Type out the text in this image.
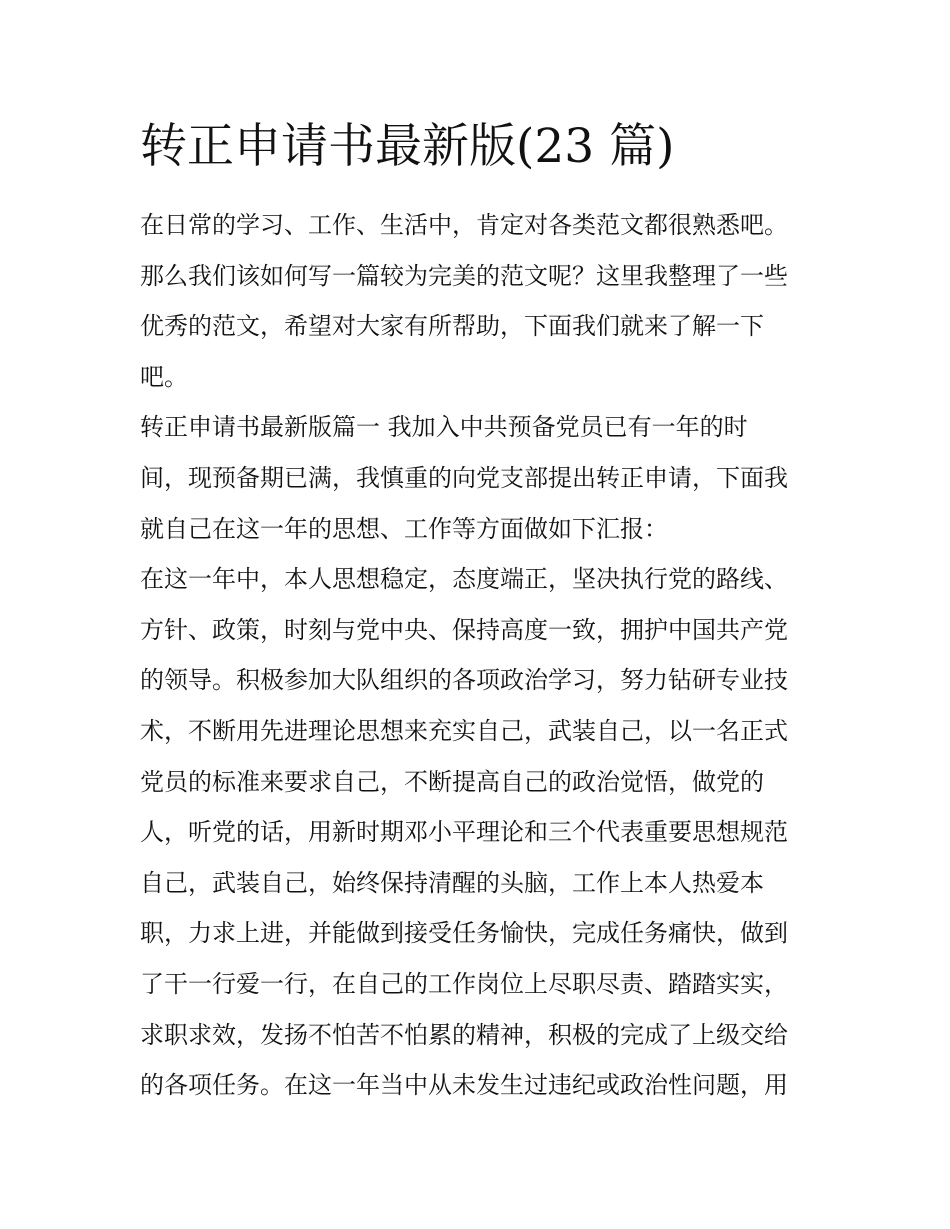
转正申请书最新版(23 篇)
在日常的学习、工作、生活中，肯定对各类范文都很熟悉吧。
那么我们该如何写一篇较为完美的范文呢？这里我整理了一些
优秀的范文，希望对大家有所帮助，下面我们就来了解一下
吧。
转正申请书最新版篇一 我加入中共预备党员已有一年的时
间，现预备期已满，我慎重的向党支部提出转正申请，下面我
就自己在这一年的思想、工作等方面做如下汇报：
在这一年中，本人思想稳定，态度端正，坚决执行党的路线、
方针、政策，时刻与党中央、保持高度一致，拥护中国共产党
的领导。积极参加大队组织的各项政治学习，努力钻研专业技
术，不断用先进理论思想来充实自己，武装自己，以一名正式
党员的标准来要求自己，不断提高自己的政治觉悟，做党的
人，听党的话，用新时期邓小平理论和三个代表重要思想规范
自己，武装自己，始终保持清醒的头脑，工作上本人热爱本
职，力求上进，并能做到接受任务愉快，完成任务痛快，做到
了干一行爱一行，在自己的工作岗位上尽职尽责、踏踏实实，
求职求效，发扬不怕苦不怕累的精神，积极的完成了上级交给
的各项任务。在这一年当中从未发生过违纪或政治性问题，用
